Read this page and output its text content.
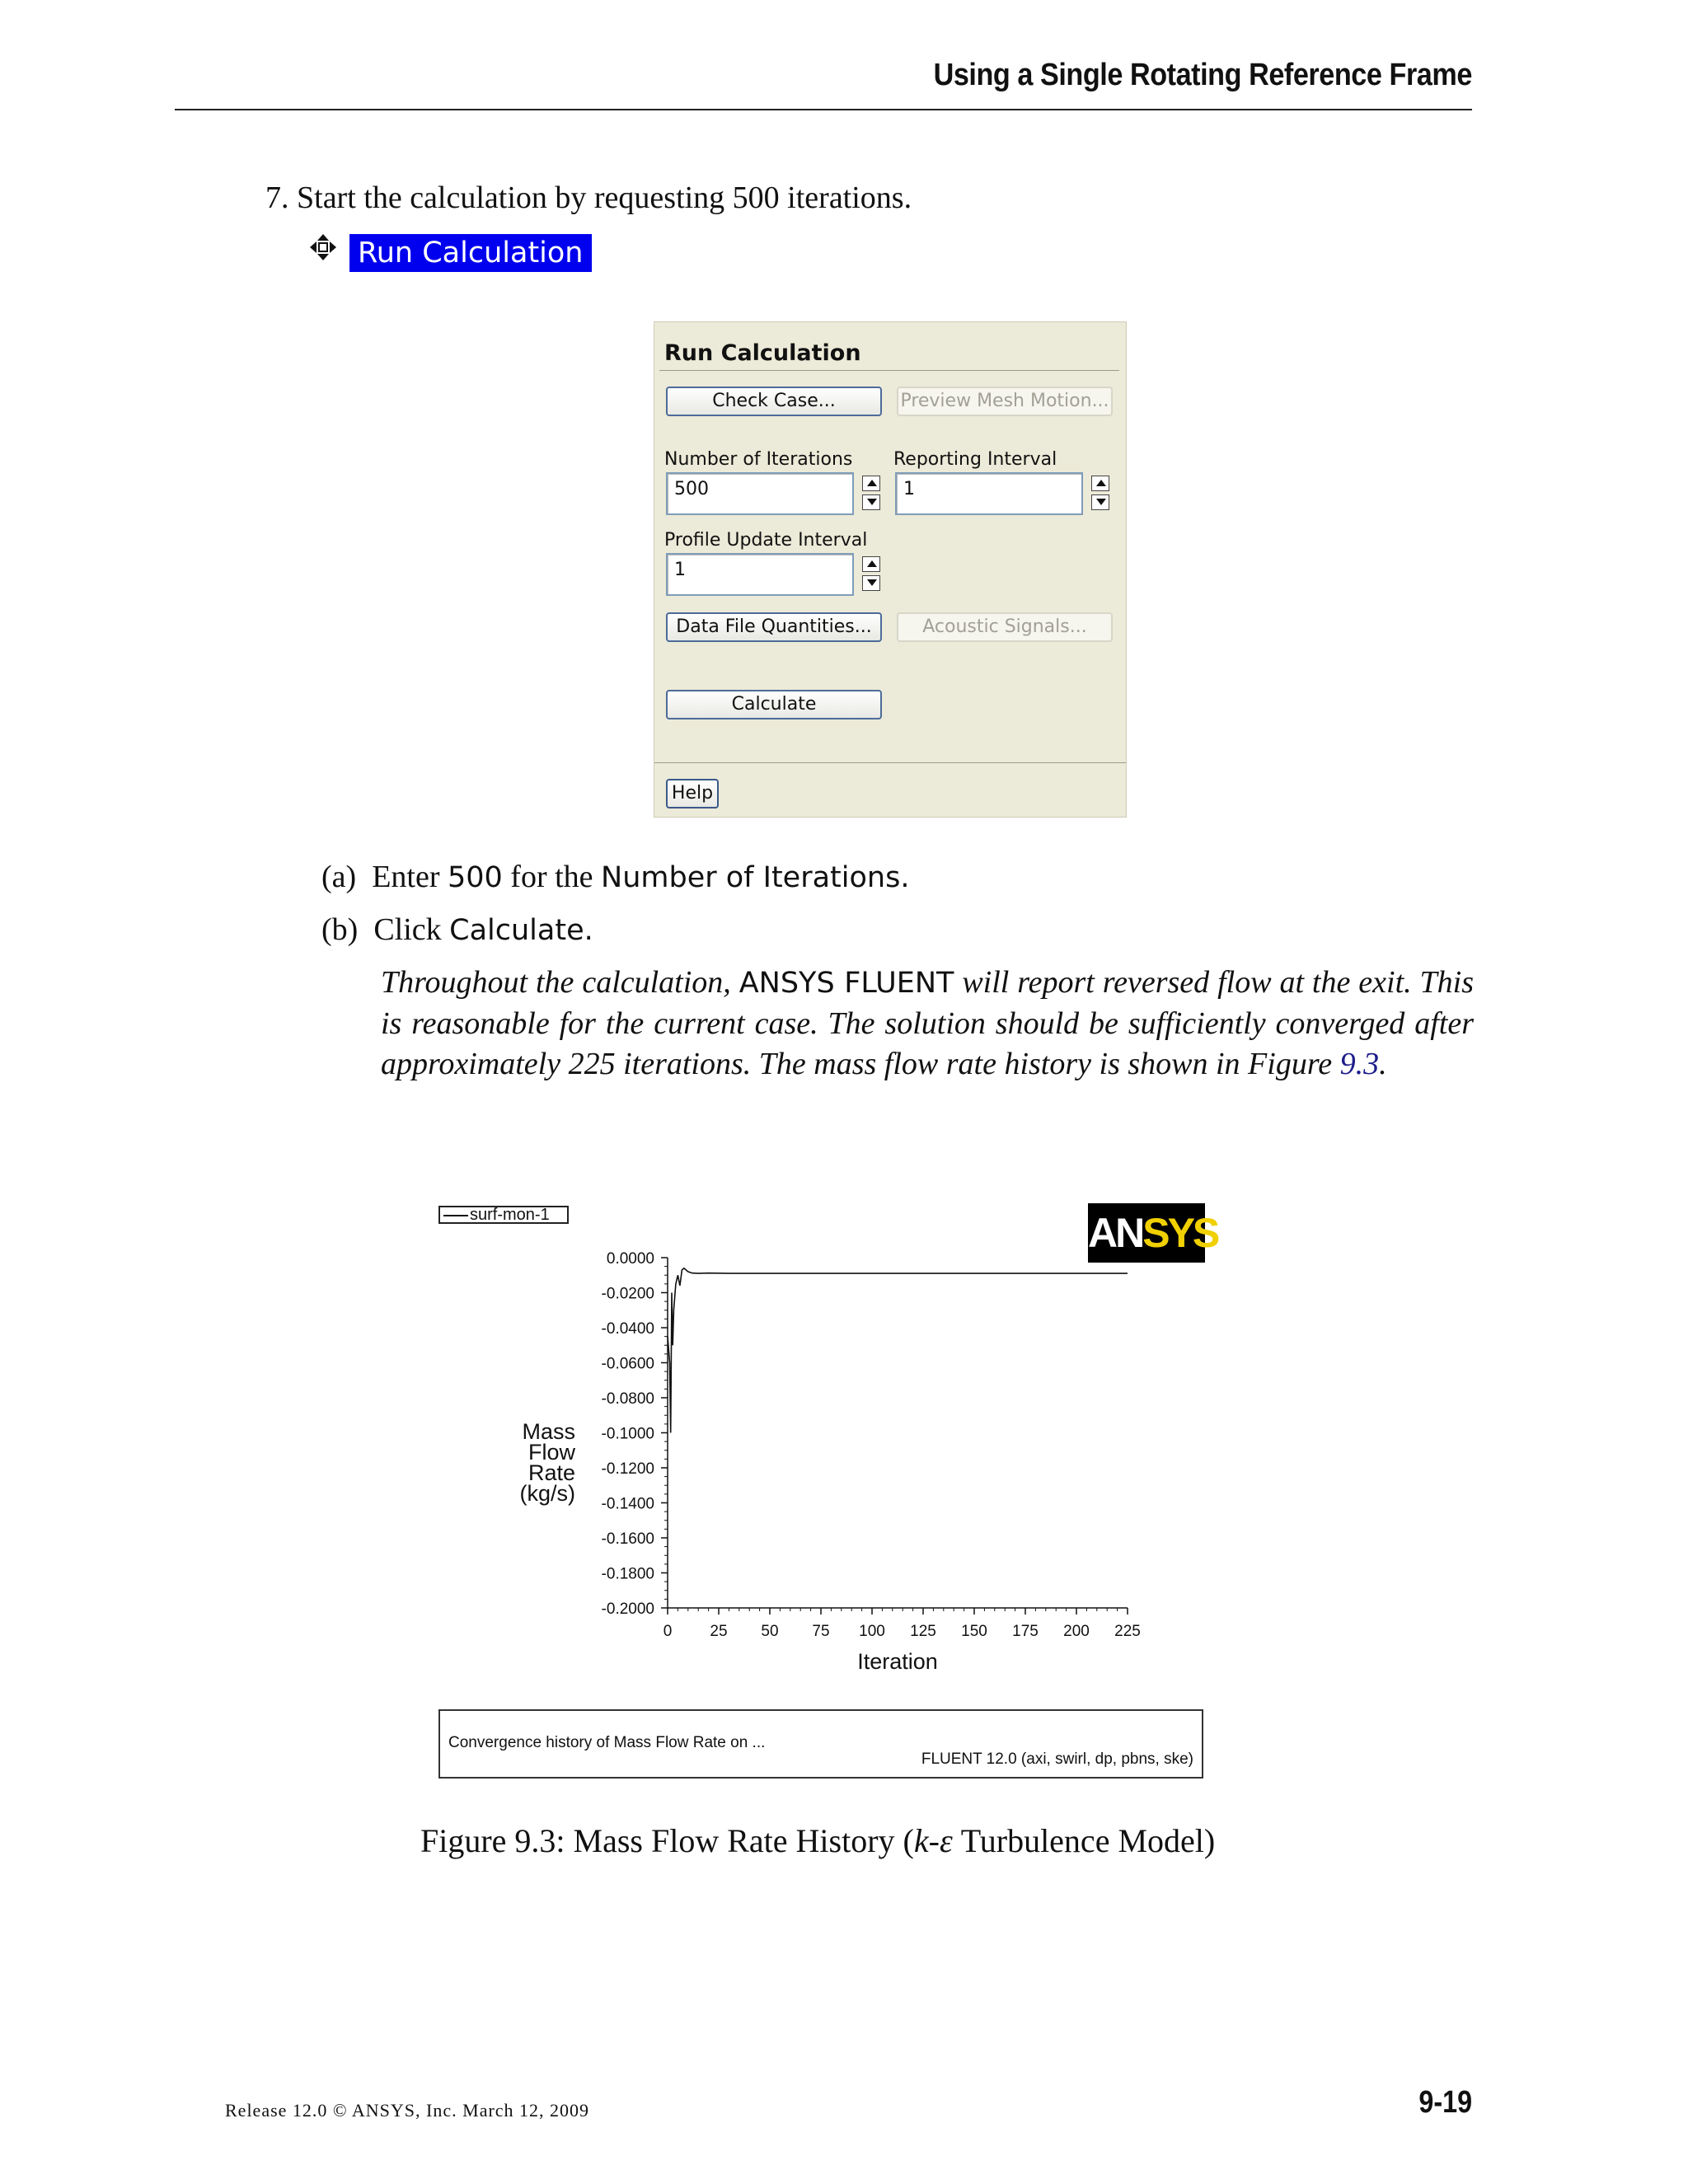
Using a Single Rotating Reference Frame
7. Start the calculation by requesting 500 iterations.
Run Calculation
Run Calculation
Check Case...	Preview Mesh Motion...
Number of Iterations
500
Reporting Interval
1
Profile Update Interval
1
Data File Quantities...	Acoustic Signals...
Calculate
Help
(a) Enter 500 for the Number of Iterations.
(b) Click Calculate.
Throughout the calculation, ANSYS FLUENT will report reversed flow at the exit. This is reasonable for the current case. The solution should be sufficiently converged after approximately 225 iterations. The mass flow rate history is shown in Figure 9.3.
0.0000
-0.0200
-0.0400
-0.0600
-0.0800
-0.1000
-0.1200
-0.1400
-0.1600
-0.1800
-0.2000
0 25 50 75 100 125 150 175 200 225
Iteration
Mass
Flow
Rate
(kg/s)
surf-mon-1	ANSYS
Convergence history of Mass Flow Rate on ...
FLUENT 12.0 (axi, swirl, dp, pbns, ske)
Figure 9.3: Mass Flow Rate History (k-ε Turbulence Model)
Release 12.0 © ANSYS, Inc. March 12, 2009	9-19
